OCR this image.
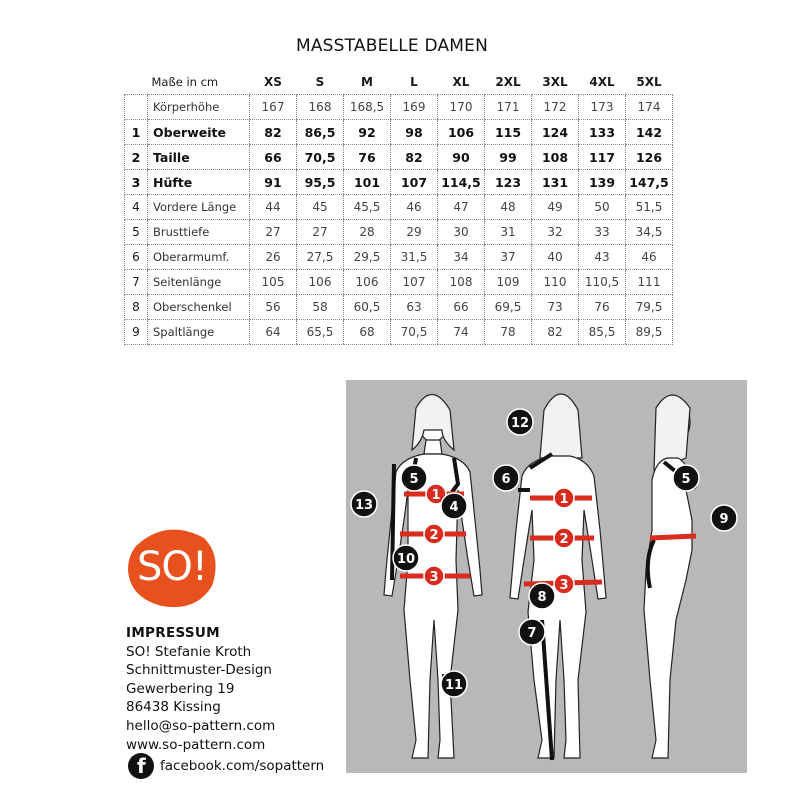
MASSTABELLE DAMEN
	Maße in cm	XS	S	M	L	XL	2XL	3XL	4XL	5XL
	Körperhöhe	167	168	168,5	169	170	171	172	173	174
1	Oberweite	82	86,5	92	98	106	115	124	133	142
2	Taille	66	70,5	76	82	90	99	108	117	126
3	Hüfte	91	95,5	101	107	114,5	123	131	139	147,5
4	Vordere Länge	44	45	45,5	46	47	48	49	50	51,5
5	Brusttiefe	27	27	28	29	30	31	32	33	34,5
6	Oberarmumf.	26	27,5	29,5	31,5	34	37	40	43	46
7	Seitenlänge	105	106	106	107	108	109	110	110,5	111
8	Oberschenkel	56	58	60,5	63	66	69,5	73	76	79,5
9	Spaltlänge	64	65,5	68	70,5	74	78	82	85,5	89,5
1
2
3
1
2
3
4
5
10
11
13
12
6
7
8
5
9
SO!
IMPRESSUM
SO! Stefanie Kroth
Schnittmuster-Design
Gewerbering 19
86438 Kissing
hello@so-pattern.com
www.so-pattern.com
f facebook.com/sopattern
